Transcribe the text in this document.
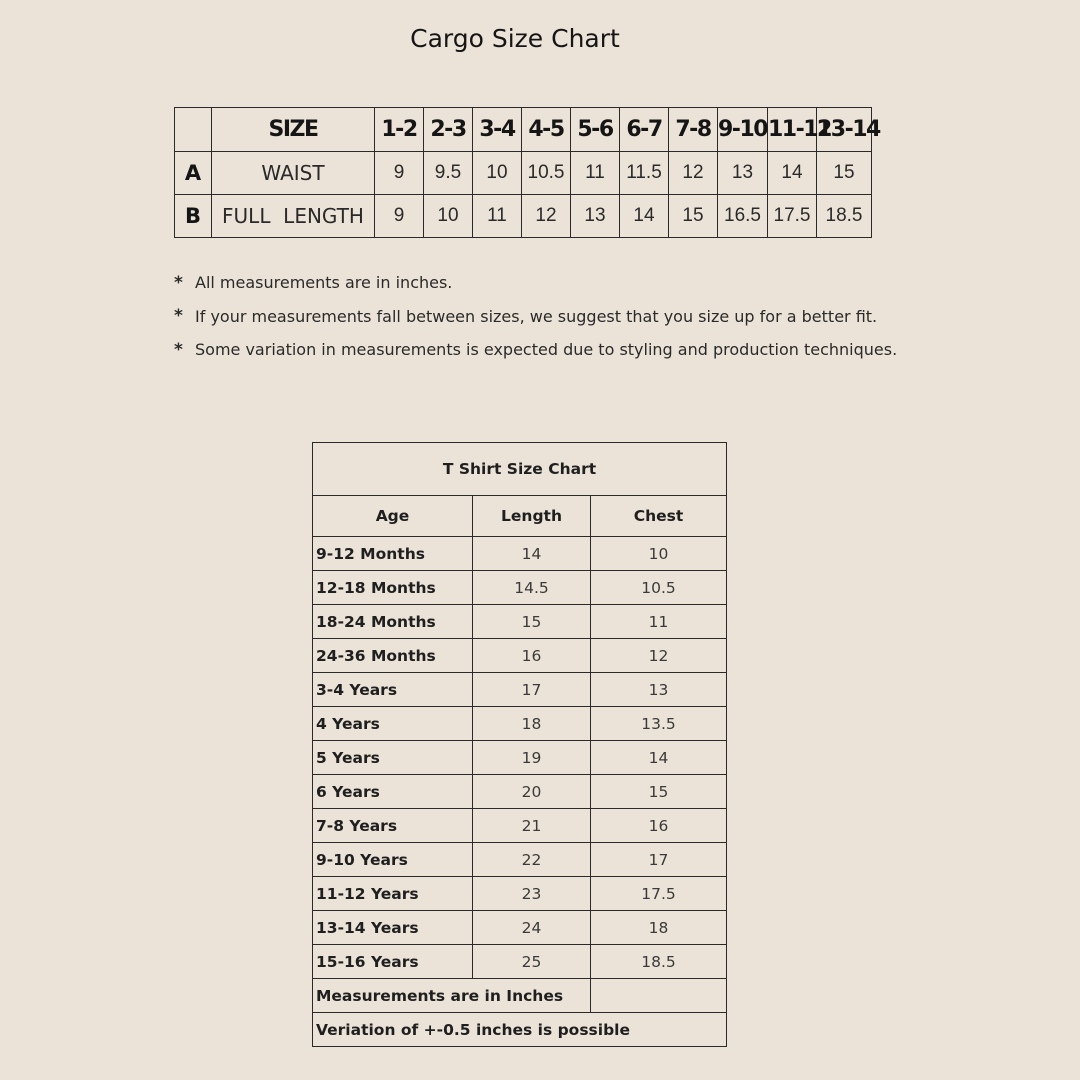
Cargo Size Chart
	SIZE	1-2	2-3	3-4	4-5	5-6	6-7	7-8	9-10	11-12	13-14
A	WAIST	9	9.5	10	10.5	11	11.5	12	13	14	15
B	FULL  LENGTH	9	10	11	12	13	14	15	16.5	17.5	18.5
* All measurements are in inches.
* If your measurements fall between sizes, we suggest that you size up for a better fit.
* Some variation in measurements is expected due to styling and production techniques.
T Shirt Size Chart		
Age	Length	Chest
9-12 Months	14	10
12-18 Months	14.5	10.5
18-24 Months	15	11
24-36 Months	16	12
3-4 Years	17	13
4 Years	18	13.5
5 Years	19	14
6 Years	20	15
7-8 Years	21	16
9-10 Years	22	17
11-12 Years	23	17.5
13-14 Years	24	18
15-16 Years	25	18.5
Measurements are in Inches		
Veriation of +-0.5 inches is possible		
